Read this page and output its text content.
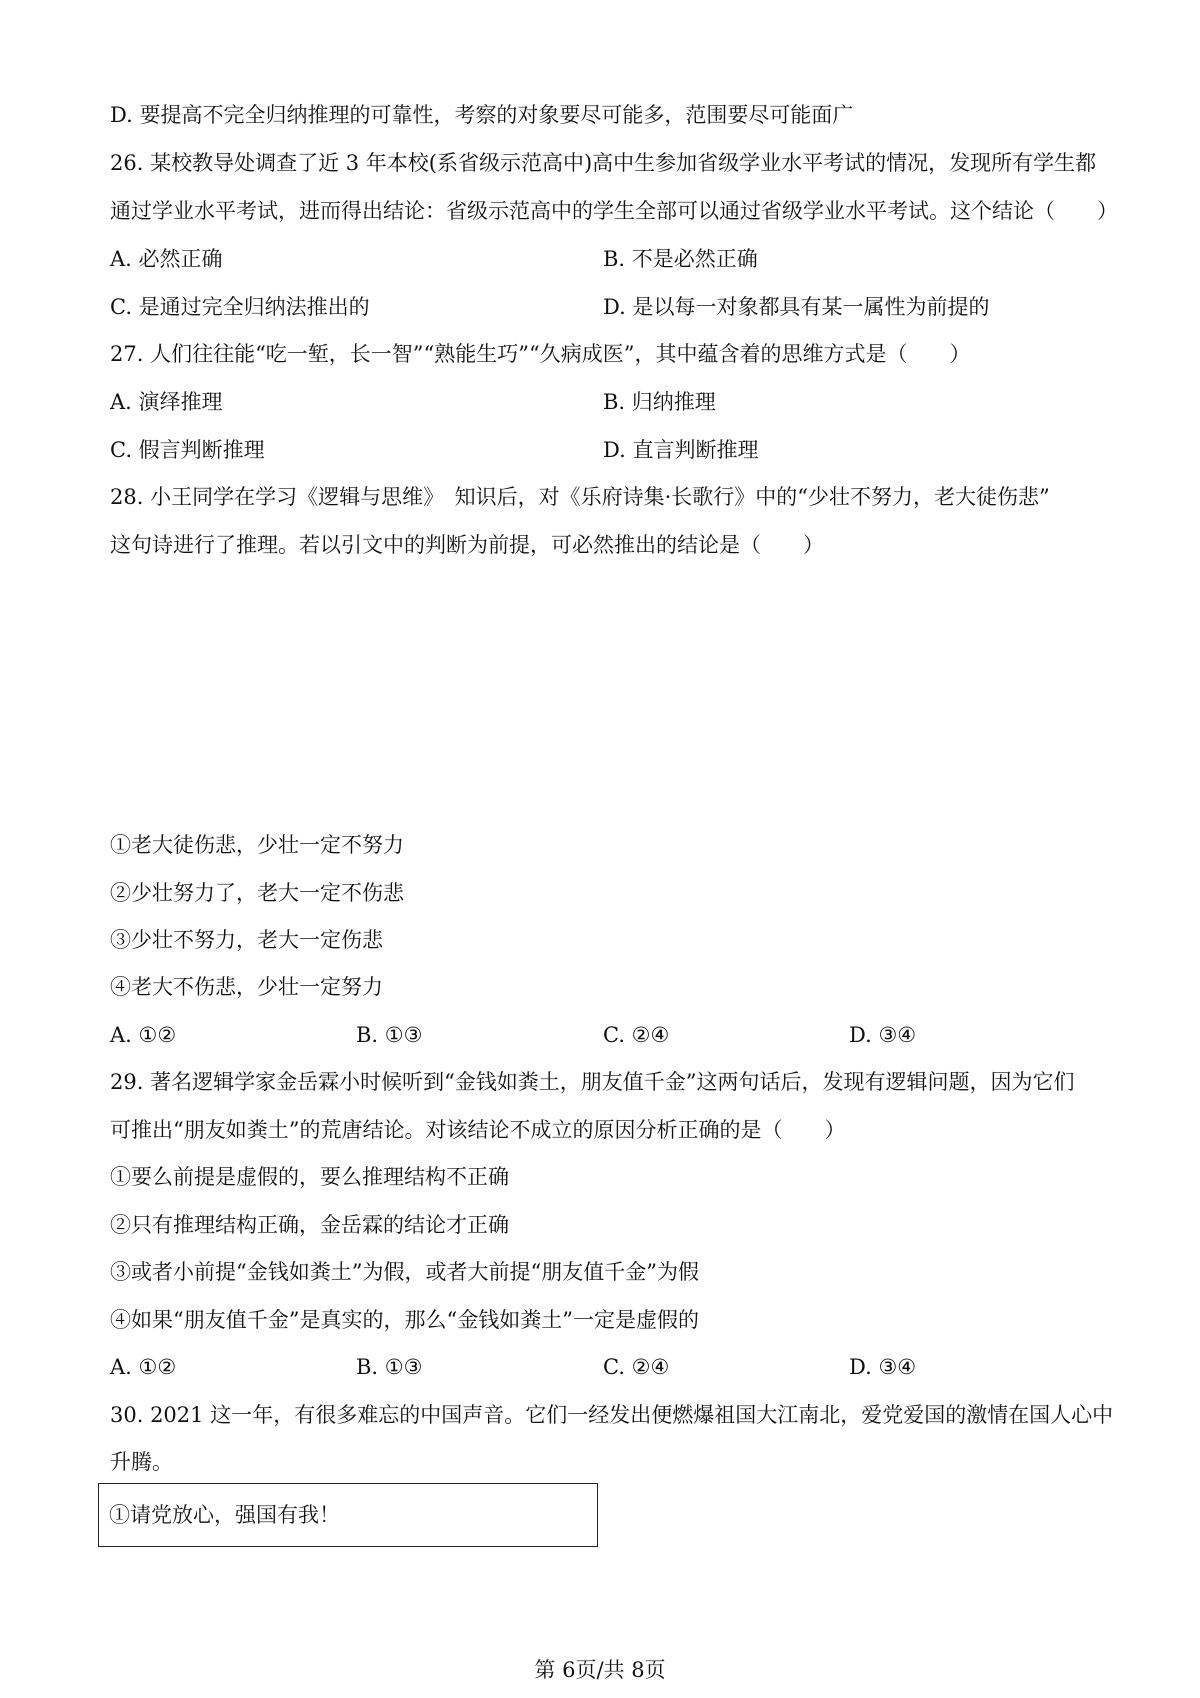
D. 要提高不完全归纳推理的可靠性，考察的对象要尽可能多，范围要尽可能面广
26. 某校教导处调查了近 3 年本校(系省级示范高中)高中生参加省级学业水平考试的情况，发现所有学生都
通过学业水平考试，进而得出结论：省级示范高中的学生全部可以通过省级学业水平考试。这个结论（　　）
A. 必然正确	B. 不是必然正确
C. 是通过完全归纳法推出的	D. 是以每一对象都具有某一属性为前提的
27. 人们往往能“吃一堑，长一智”“熟能生巧”“久病成医”，其中蕴含着的思维方式是（　　）
A. 演绎推理	B. 归纳推理
C. 假言判断推理	D. 直言判断推理
28. 小王同学在学习《逻辑与思维》　知识后，对《乐府诗集·长歌行》中的“少壮不努力，老大徒伤悲”
这句诗进行了推理。若以引文中的判断为前提，可必然推出的结论是（　　）
①老大徒伤悲，少壮一定不努力
②少壮努力了，老大一定不伤悲
③少壮不努力，老大一定伤悲
④老大不伤悲，少壮一定努力
A. ①②	B. ①③	C. ②④	D. ③④
29. 著名逻辑学家金岳霖小时候听到“金钱如粪土，朋友值千金”这两句话后，发现有逻辑问题，因为它们
可推出“朋友如粪土”的荒唐结论。对该结论不成立的原因分析正确的是（　　）
①要么前提是虚假的，要么推理结构不正确
②只有推理结构正确，金岳霖的结论才正确
③或者小前提“金钱如粪土”为假，或者大前提“朋友值千金”为假
④如果“朋友值千金”是真实的，那么“金钱如粪土”一定是虚假的
A. ①②	B. ①③	C. ②④	D. ③④
30. 2021 这一年，有很多难忘的中国声音。它们一经发出便燃爆祖国大江南北，爱党爱国的激情在国人心中
升腾。
①请党放心，强国有我！
第 6页/共 8页
